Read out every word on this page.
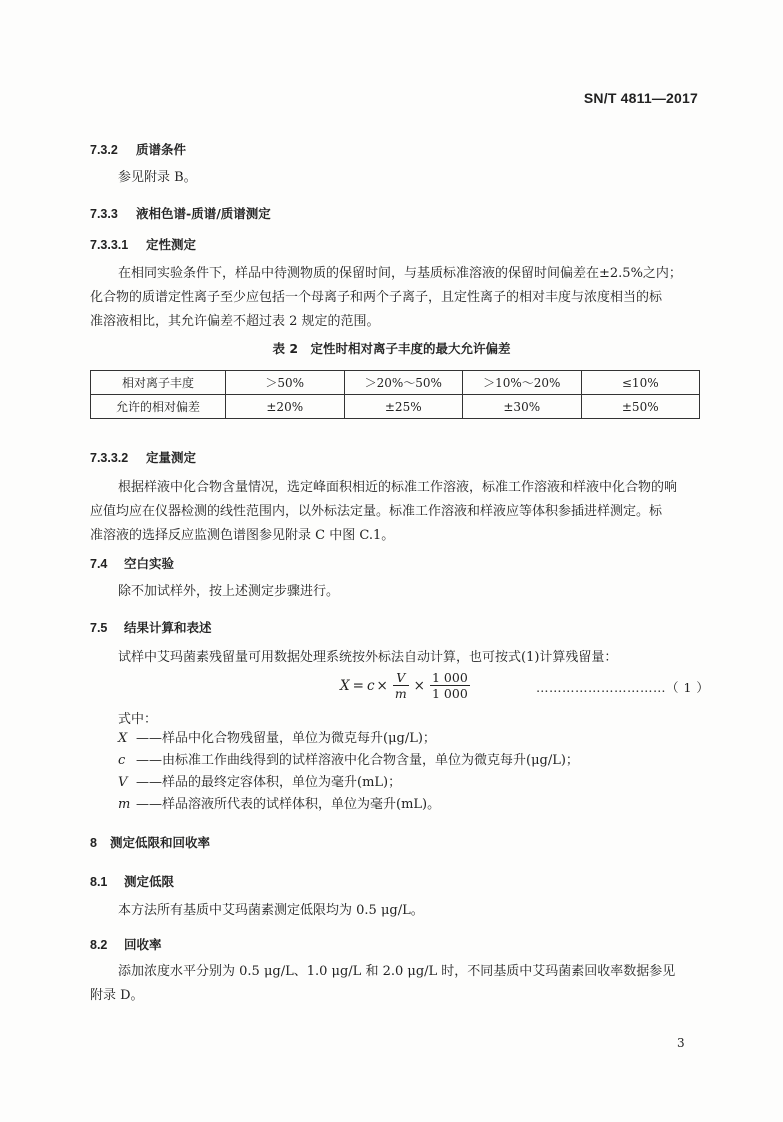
SN/T 4811—2017
7.3.2 质谱条件
参见附录 B。
7.3.3 液相色谱-质谱/质谱测定
7.3.3.1 定性测定
在相同实验条件下，样品中待测物质的保留时间，与基质标准溶液的保留时间偏差在±2.5%之内；
化合物的质谱定性离子至少应包括一个母离子和两个子离子，且定性离子的相对丰度与浓度相当的标
准溶液相比，其允许偏差不超过表 2 规定的范围。
表 2　定性时相对离子丰度的最大允许偏差
相对离子丰度	＞50%	＞20%～50%	＞10%～20%	≤10%
允许的相对偏差	±20%	±25%	±30%	±50%
7.3.3.2 定量测定
根据样液中化合物含量情况，选定峰面积相近的标准工作溶液，标准工作溶液和样液中化合物的响
应值均应在仪器检测的线性范围内，以外标法定量。标准工作溶液和样液应等体积参插进样测定。标
准溶液的选择反应监测色谱图参见附录 C 中图 C.1。
7.4 空白实验
除不加试样外，按上述测定步骤进行。
7.5 结果计算和表述
试样中艾玛菌素残留量可用数据处理系统按外标法自动计算，也可按式(1)计算残留量：
$X = c \times \frac{V}{m} \times \frac{1 000}{1 000}$	…………………………（ 1 ）
式中：
X ——样品中化合物残留量，单位为微克每升(μg/L)；
c ——由标准工作曲线得到的试样溶液中化合物含量，单位为微克每升(μg/L)；
V ——样品的最终定容体积，单位为毫升(mL)；
m ——样品溶液所代表的试样体积，单位为毫升(mL)。
8 测定低限和回收率
8.1 测定低限
本方法所有基质中艾玛菌素测定低限均为 0.5 μg/L。
8.2 回收率
添加浓度水平分别为 0.5 μg/L、1.0 μg/L 和 2.0 μg/L 时，不同基质中艾玛菌素回收率数据参见
附录 D。
3
